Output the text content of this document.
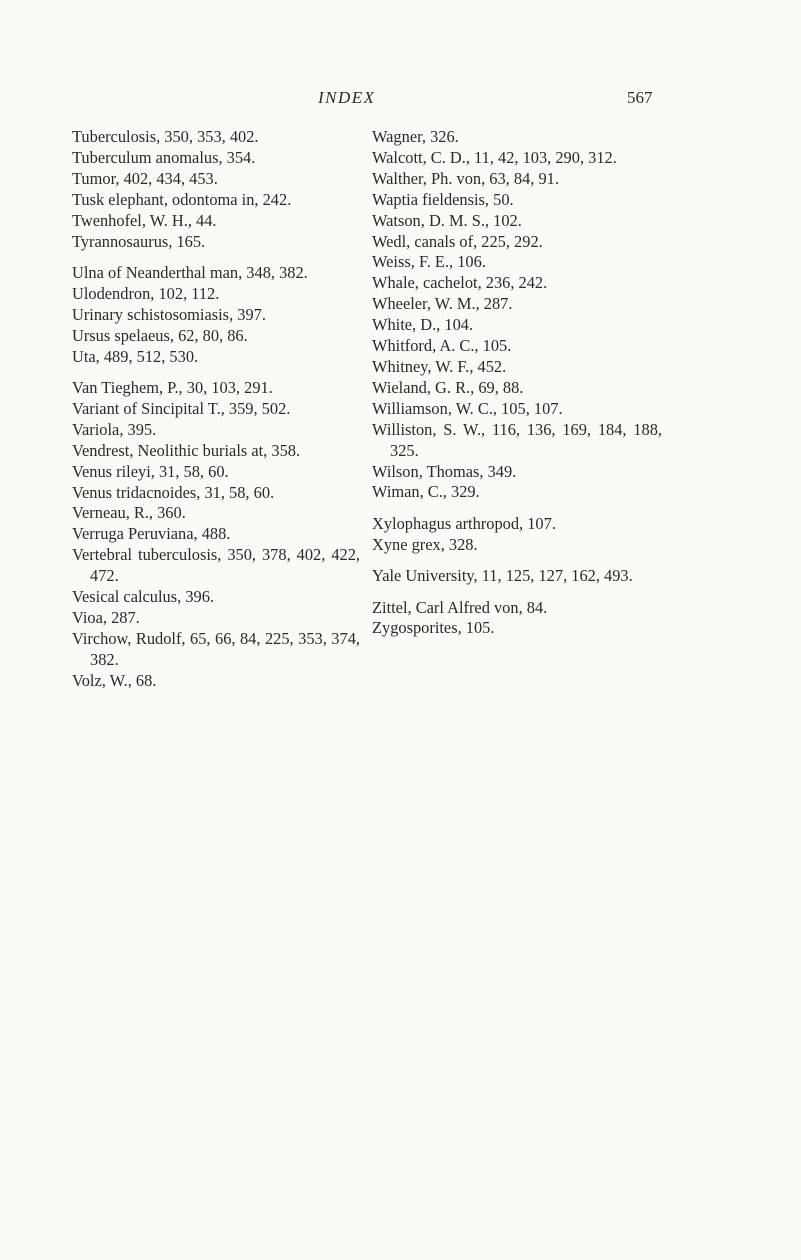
INDEX	567
Tuberculosis, 350, 353, 402.
Tuberculum anomalus, 354.
Tumor, 402, 434, 453.
Tusk elephant, odontoma in, 242.
Twenhofel, W. H., 44.
Tyrannosaurus, 165.
Ulna of Neanderthal man, 348, 382.
Ulodendron, 102, 112.
Urinary schistosomiasis, 397.
Ursus spelaeus, 62, 80, 86.
Uta, 489, 512, 530.
Van Tieghem, P., 30, 103, 291.
Variant of Sincipital T., 359, 502.
Variola, 395.
Vendrest, Neolithic burials at, 358.
Venus rileyi, 31, 58, 60.
Venus tridacnoides, 31, 58, 60.
Verneau, R., 360.
Verruga Peruviana, 488.
Vertebral tuberculosis, 350, 378, 402, 422, 472.
Vesical calculus, 396.
Vioa, 287.
Virchow, Rudolf, 65, 66, 84, 225, 353, 374, 382.
Volz, W., 68.
Wagner, 326.
Walcott, C. D., 11, 42, 103, 290, 312.
Walther, Ph. von, 63, 84, 91.
Waptia fieldensis, 50.
Watson, D. M. S., 102.
Wedl, canals of, 225, 292.
Weiss, F. E., 106.
Whale, cachelot, 236, 242.
Wheeler, W. M., 287.
White, D., 104.
Whitford, A. C., 105.
Whitney, W. F., 452.
Wieland, G. R., 69, 88.
Williamson, W. C., 105, 107.
Williston, S. W., 116, 136, 169, 184, 188, 325.
Wilson, Thomas, 349.
Wiman, C., 329.
Xylophagus arthropod, 107.
Xyne grex, 328.
Yale University, 11, 125, 127, 162, 493.
Zittel, Carl Alfred von, 84.
Zygosporites, 105.
